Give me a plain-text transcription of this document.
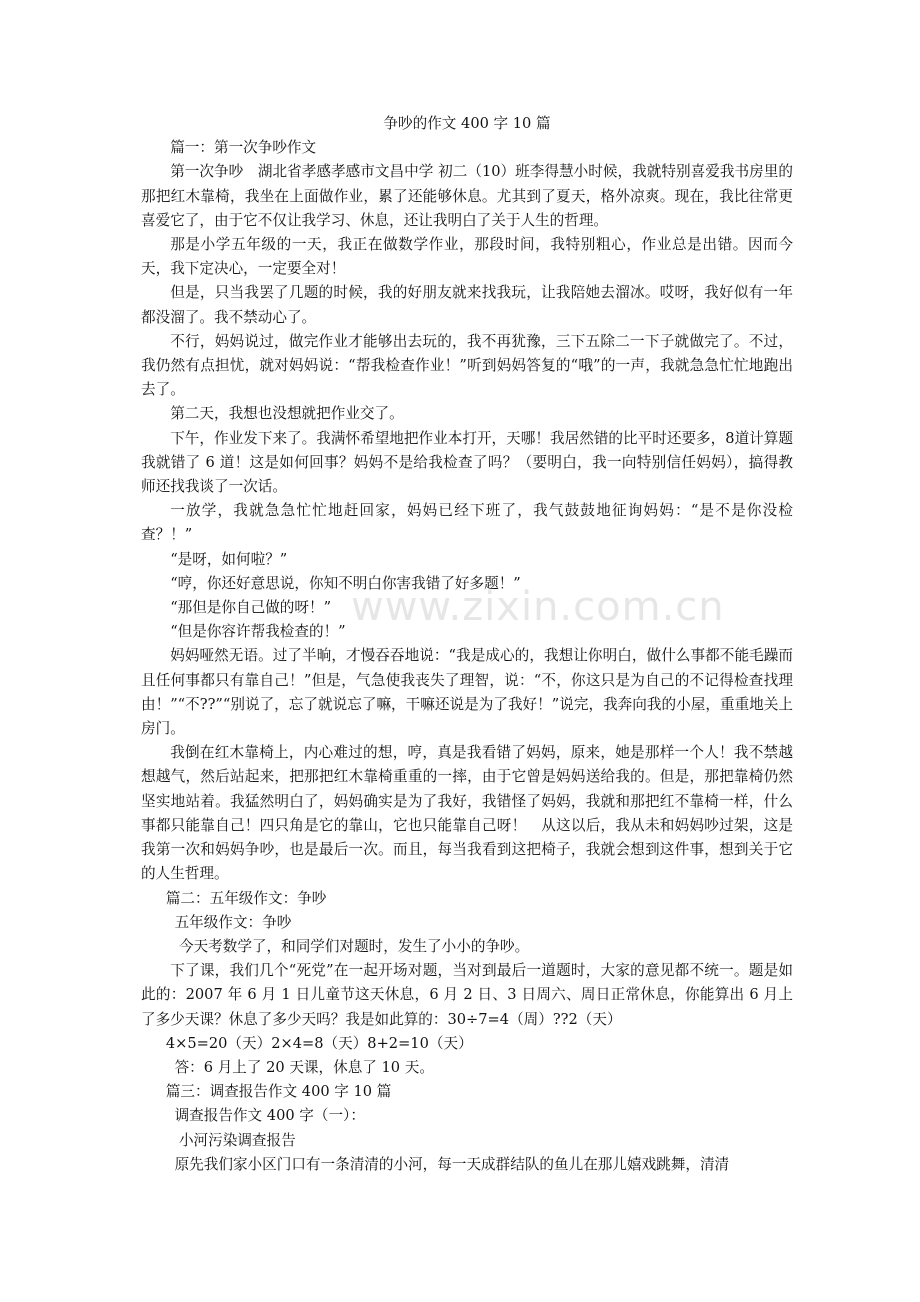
www.zixin.com.cn

争吵的作文 400 字 10 篇

篇一：第一次争吵作文

第一次争吵　湖北省孝感孝感市文昌中学 初二（10）班李得慧小时候，我就特别喜爱我书房里的那把红木靠椅，我坐在上面做作业，累了还能够休息。尤其到了夏天，格外凉爽。现在，我比往常更喜爱它了，由于它不仅让我学习、休息，还让我明白了关于人生的哲理。

那是小学五年级的一天，我正在做数学作业，那段时间，我特别粗心，作业总是出错。因而今天，我下定决心，一定要全对！

但是，只当我罢了几题的时候，我的好朋友就来找我玩，让我陪她去溜冰。哎呀，我好似有一年都没溜了。我不禁动心了。

不行，妈妈说过，做完作业才能够出去玩的，我不再犹豫，三下五除二一下子就做完了。不过，我仍然有点担忧，就对妈妈说：“帮我检查作业！”听到妈妈答复的“哦”的一声，我就急急忙忙地跑出去了。

第二天，我想也没想就把作业交了。

下午，作业发下来了。我满怀希望地把作业本打开，天哪！我居然错的比平时还要多，8道计算题我就错了 6 道！这是如何回事？妈妈不是给我检查了吗？（要明白，我一向特别信任妈妈），搞得教师还找我谈了一次话。

一放学，我就急急忙忙地赶回家，妈妈已经下班了，我气鼓鼓地征询妈妈：“是不是你没检查？！”

“是呀，如何啦？”

“哼，你还好意思说，你知不明白你害我错了好多题！”

“那但是你自己做的呀！”

“但是你容许帮我检查的！”

妈妈哑然无语。过了半晌，才慢吞吞地说：“我是成心的，我想让你明白，做什么事都不能毛躁而且任何事都只有靠自己！”但是，气急使我丧失了理智，说：“不，你这只是为自己的不记得检查找理由！”“不??”“别说了，忘了就说忘了嘛，干嘛还说是为了我好！”说完，我奔向我的小屋，重重地关上房门。

我倒在红木靠椅上，内心难过的想，哼，真是我看错了妈妈，原来，她是那样一个人！我不禁越想越气，然后站起来，把那把红木靠椅重重的一摔，由于它曾是妈妈送给我的。但是，那把靠椅仍然坚实地站着。我猛然明白了，妈妈确实是为了我好，我错怪了妈妈，我就和那把红不靠椅一样，什么事都只能靠自己！四只角是它的靠山，它也只能靠自己呀！　从这以后，我从未和妈妈吵过架，这是我第一次和妈妈争吵，也是最后一次。而且，每当我看到这把椅子，我就会想到这件事，想到关于它的人生哲理。

篇二：五年级作文：争吵

五年级作文：争吵

今天考数学了，和同学们对题时，发生了小小的争吵。

下了课，我们几个“死党”在一起开场对题，当对到最后一道题时，大家的意见都不统一。题是如此的：2007 年 6 月 1 日儿童节这天休息，6 月 2 日、3 日周六、周日正常休息，你能算出 6 月上了多少天课？休息了多少天吗？我是如此算的：30÷7=4（周）??2（天）

4×5=20（天）2×4=8（天）8+2=10（天）

答：6 月上了 20 天课，休息了 10 天。

篇三：调查报告作文 400 字 10 篇

调查报告作文 400 字（一）：

小河污染调查报告

原先我们家小区门口有一条清清的小河，每一天成群结队的鱼儿在那儿嬉戏跳舞，清清
